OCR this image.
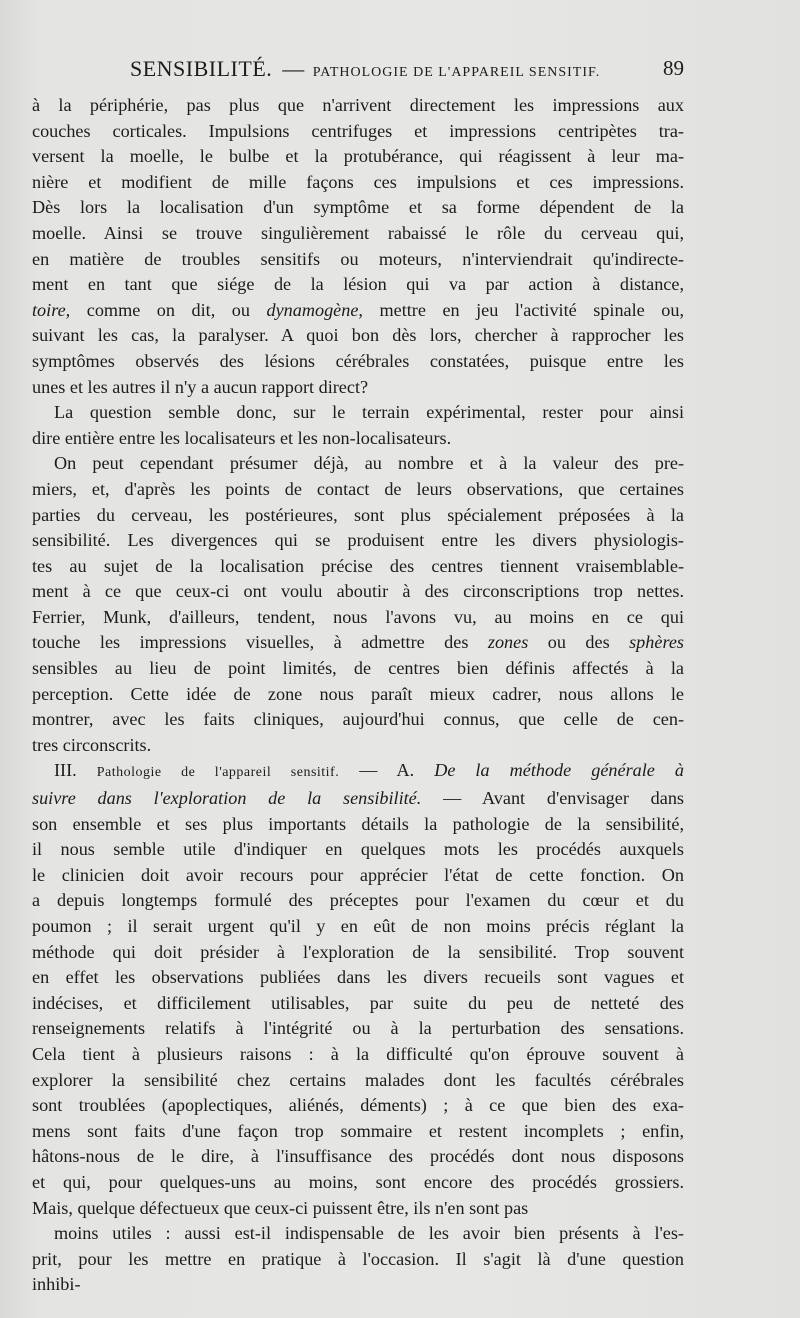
SENSIBILITÉ. — PATHOLOGIE DE L'APPAREIL SENSITIF.	89

à la périphérie, pas plus que n'arrivent directement les impressions aux
couches corticales. Impulsions centrifuges et impressions centripètes tra-
versent la moelle, le bulbe et la protubérance, qui réagissent à leur ma-
nière et modifient de mille façons ces impulsions et ces impressions.
Dès lors la localisation d'un symptôme et sa forme dépendent de la
moelle. Ainsi se trouve singulièrement rabaissé le rôle du cerveau qui,
en matière de troubles sensitifs ou moteurs, n'interviendrait qu'indirecte-
ment en tant que siége de la lésion qui va par action à distance,
toire, comme on dit, ou dynamogène, mettre en jeu l'activité spinale ou,
suivant les cas, la paralyser. A quoi bon dès lors, chercher à rapprocher les
symptômes observés des lésions cérébrales constatées, puisque entre les
unes et les autres il n'y a aucun rapport direct?

La question semble donc, sur le terrain expérimental, rester pour ainsi
dire entière entre les localisateurs et les non-localisateurs.

On peut cependant présumer déjà, au nombre et à la valeur des pre-
miers, et, d'après les points de contact de leurs observations, que certaines
parties du cerveau, les postérieures, sont plus spécialement préposées à la
sensibilité. Les divergences qui se produisent entre les divers physiologis-
tes au sujet de la localisation précise des centres tiennent vraisemblable-
ment à ce que ceux-ci ont voulu aboutir à des circonscriptions trop nettes.
Ferrier, Munk, d'ailleurs, tendent, nous l'avons vu, au moins en ce qui
touche les impressions visuelles, à admettre des zones ou des sphères
sensibles au lieu de point limités, de centres bien définis affectés à la
perception. Cette idée de zone nous paraît mieux cadrer, nous allons le
montrer, avec les faits cliniques, aujourd'hui connus, que celle de cen-
tres circonscrits.

III. Pathologie de l'appareil sensitif. — A. De la méthode générale à
suivre dans l'exploration de la sensibilité. — Avant d'envisager dans
son ensemble et ses plus importants détails la pathologie de la sensibilité,
il nous semble utile d'indiquer en quelques mots les procédés auxquels
le clinicien doit avoir recours pour apprécier l'état de cette fonction. On
a depuis longtemps formulé des préceptes pour l'examen du cœur et du
poumon ; il serait urgent qu'il y en eût de non moins précis réglant la
méthode qui doit présider à l'exploration de la sensibilité. Trop souvent
en effet les observations publiées dans les divers recueils sont vagues et
indécises, et difficilement utilisables, par suite du peu de netteté des
renseignements relatifs à l'intégrité ou à la perturbation des sensations.
Cela tient à plusieurs raisons : à la difficulté qu'on éprouve souvent à
explorer la sensibilité chez certains malades dont les facultés cérébrales
sont troublées (apoplectiques, aliénés, déments) ; à ce que bien des exa-
mens sont faits d'une façon trop sommaire et restent incomplets ; enfin,
hâtons-nous de le dire, à l'insuffisance des procédés dont nous disposons
et qui, pour quelques-uns au moins, sont encore des procédés grossiers.
Mais, quelque défectueux que ceux-ci puissent être, ils n'en sont pas

moins utiles : aussi est-il indispensable de les avoir bien présents à l'es-
prit, pour les mettre en pratique à l'occasion. Il s'agit là d'une question
inhibi-
